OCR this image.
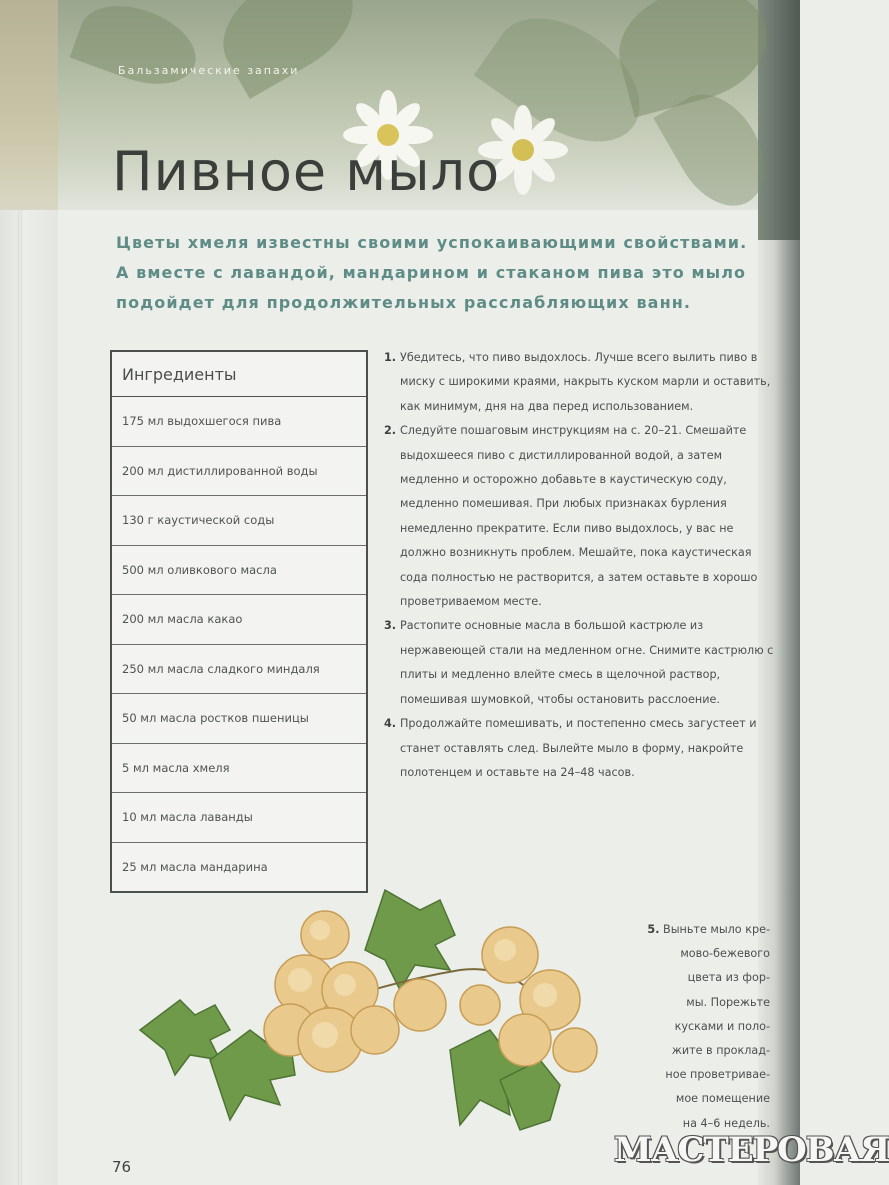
Бальзамические запахи
Пивное мыло
Цветы хмеля известны своими успокаивающими свойствами.
А вместе с лавандой, мандарином и стаканом пива это мыло
подойдет для продолжительных расслабляющих ванн.
Ингредиенты
175 мл выдохшегося пива
200 мл дистиллированной воды
130 г каустической соды
500 мл оливкового масла
200 мл масла какао
250 мл масла сладкого миндаля
50 мл масла ростков пшеницы
5 мл масла хмеля
10 мл масла лаванды
25 мл масла мандарина

1. Убедитесь, что пиво выдохлось. Лучше всего вылить пиво в миску с широкими краями, накрыть куском марли и оставить, как минимум, дня на два перед использованием.

2. Следуйте пошаговым инструкциям на с. 20–21. Смешайте выдохшееся пиво с дистиллированной водой, а затем медленно и осторожно добавьте в каустическую соду, медленно помешивая. При любых признаках бурления немедленно прекратите. Если пиво выдохлось, у вас не должно возникнуть проблем. Мешайте, пока каустическая сода полностью не растворится, а затем оставьте в хорошо проветриваемом месте.

3. Растопите основные масла в большой кастрюле из нержавеющей стали на медленном огне. Снимите кастрюлю с плиты и медленно влейте смесь в щелочной раствор, помешивая шумовкой, чтобы остановить расслоение.

4. Продолжайте помешивать, и постепенно смесь загустеет и станет оставлять след. Вылейте мыло в форму, накройте полотенцем и оставьте на 24–48 часов.

5. Выньте мыло кре-
мово-бежевого
цвета из фор-
мы. Порежьте
кусками и поло-
жите в проклад-
ное проветривае-
мое помещение
на 4–6 недель.
76	МАСТЕРОВАЯ
